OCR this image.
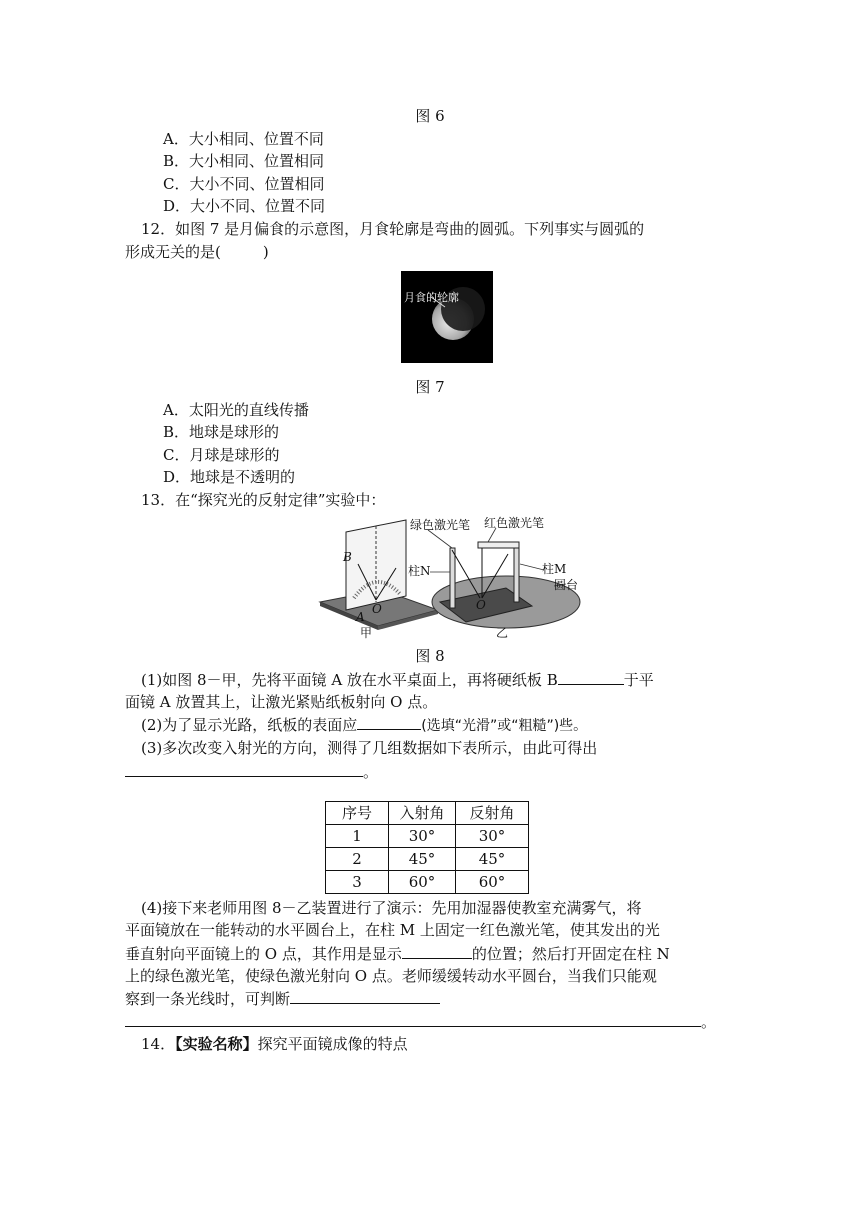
图 6
A．大小相同、位置不同
B．大小相同、位置相同
C．大小不同、位置相同
D．大小不同、位置不同
12．如图 7 是月偏食的示意图，月食轮廓是弯曲的圆弧。下列事实与圆弧的
形成无关的是(	)
月食的轮廓
图 7
A．太阳光的直线传播
B．地球是球形的
C．月球是球形的
D．地球是不透明的
13．在“探究光的反射定律”实验中：
B
A
O	O
绿色激光笔 红色激光笔
柱N	柱M
圆台
甲	乙
图 8
(1)如图 8－甲，先将平面镜 A 放在水平桌面上，再将硬纸板 B	于平
面镜 A 放置其上，让激光紧贴纸板射向 O 点。
(2)为了显示光路，纸板的表面应	(选填“光滑”或“粗糙”)些。
(3)多次改变入射光的方向，测得了几组数据如下表所示，由此可得出
。
序号	入射角	反射角
1	30°	30°
2	45°	45°
3	60°	60°
(4)接下来老师用图 8－乙装置进行了演示：先用加湿器使教室充满雾气，将
平面镜放在一能转动的水平圆台上，在柱 M 上固定一红色激光笔，使其发出的光
垂直射向平面镜上的 O 点，其作用是显示	的位置；然后打开固定在柱 N
上的绿色激光笔，使绿色激光射向 O 点。老师缓缓转动水平圆台，当我们只能观
察到一条光线时，可判断
。
14．【实验名称】探究平面镜成像的特点
